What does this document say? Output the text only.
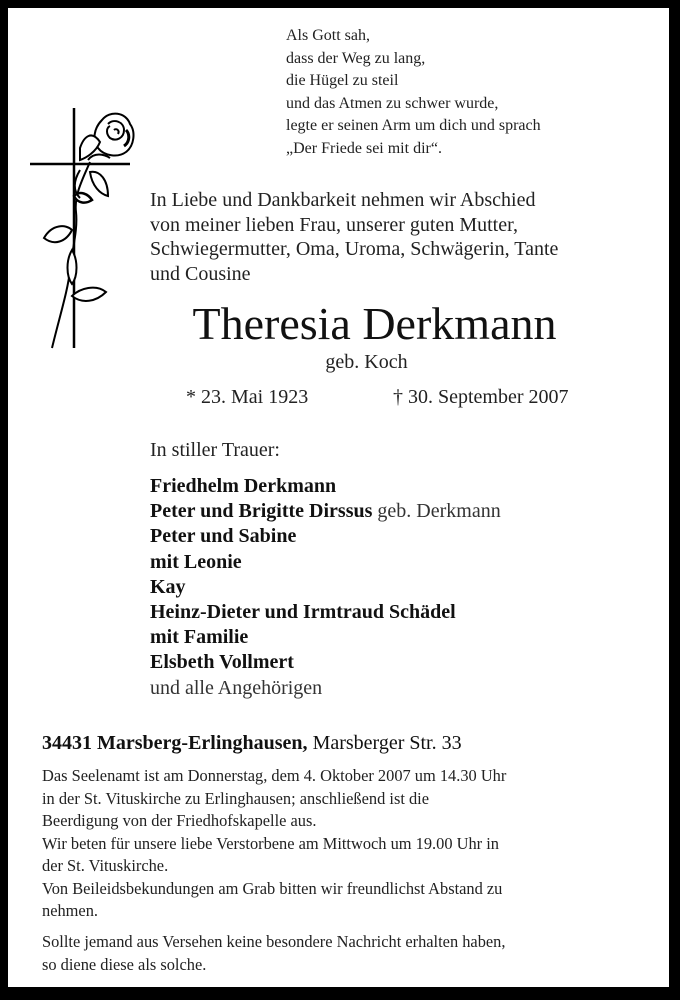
Als Gott sah,
dass der Weg zu lang,
die Hügel zu steil
und das Atmen zu schwer wurde,
legte er seinen Arm um dich und sprach
„Der Friede sei mit dir“.
In Liebe und Dankbarkeit nehmen wir Abschied
von meiner lieben Frau, unserer guten Mutter,
Schwiegermutter, Oma, Uroma, Schwägerin, Tante
und Cousine
Theresia Derkmann
geb. Koch
* 23. Mai 1923	† 30. September 2007
In stiller Trauer:
Friedhelm Derkmann
Peter und Brigitte Dirssus geb. Derkmann
Peter und Sabine
mit Leonie
Kay
Heinz-Dieter und Irmtraud Schädel
mit Familie
Elsbeth Vollmert
und alle Angehörigen
34431 Marsberg-Erlinghausen, Marsberger Str. 33
Das Seelenamt ist am Donnerstag, dem 4. Oktober 2007 um 14.30 Uhr
in der St. Vituskirche zu Erlinghausen; anschließend ist die
Beerdigung von der Friedhofskapelle aus.
Wir beten für unsere liebe Verstorbene am Mittwoch um 19.00 Uhr in
der St. Vituskirche.
Von Beileidsbekundungen am Grab bitten wir freundlichst Abstand zu
nehmen.
Sollte jemand aus Versehen keine besondere Nachricht erhalten haben,
so diene diese als solche.
